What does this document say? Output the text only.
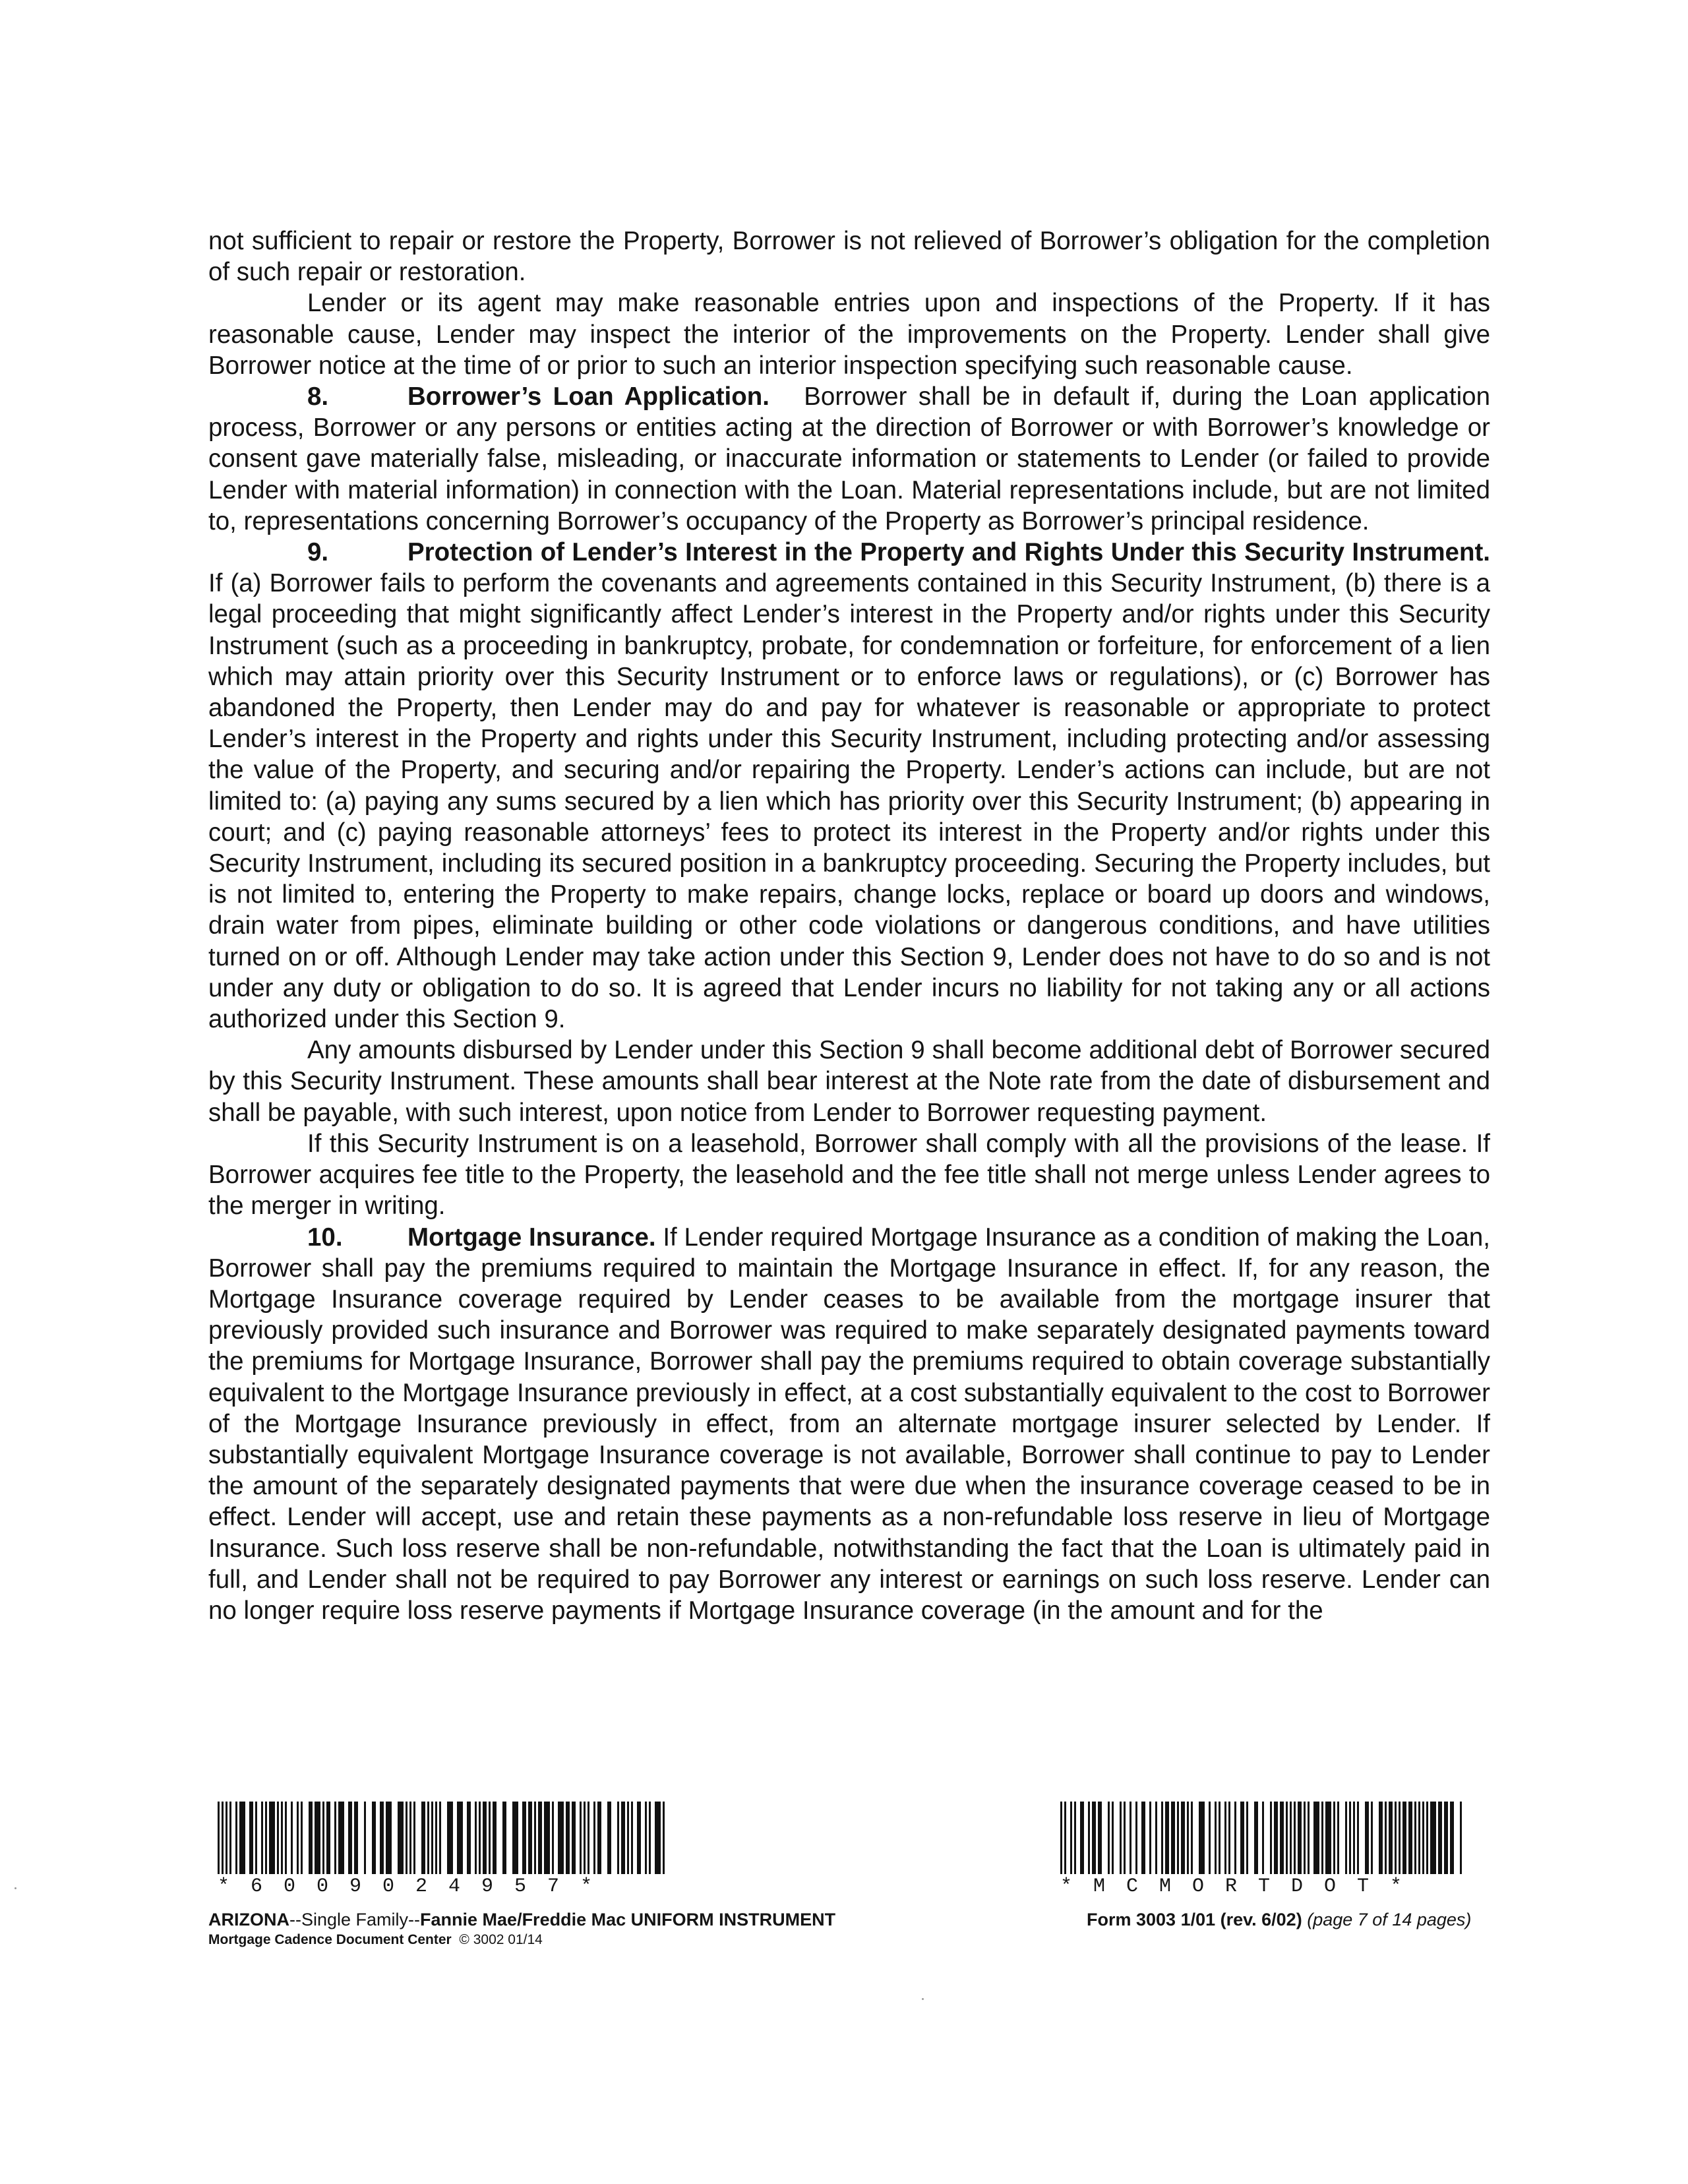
not sufficient to repair or restore the Property, Borrower is not relieved of Borrower’s obligation for the completion of such repair or restoration.

Lender or its agent may make reasonable entries upon and inspections of the Property. If it has reasonable cause, Lender may inspect the interior of the improvements on the Property. Lender shall give Borrower notice at the time of or prior to such an interior inspection specifying such reasonable cause.

8.	Borrower’s Loan Application. Borrower shall be in default if, during the Loan application process, Borrower or any persons or entities acting at the direction of Borrower or with Borrower’s knowledge or consent gave materially false, misleading, or inaccurate information or statements to Lender (or failed to provide Lender with material information) in connection with the Loan. Material representations include, but are not limited to, representations concerning Borrower’s occupancy of the Property as Borrower’s principal residence.

9.	Protection of Lender’s Interest in the Property and Rights Under this Security Instrument. If (a) Borrower fails to perform the covenants and agreements contained in this Security Instrument, (b) there is a legal proceeding that might significantly affect Lender’s interest in the Property and/or rights under this Security Instrument (such as a proceeding in bankruptcy, probate, for condemnation or forfeiture, for enforcement of a lien which may attain priority over this Security Instrument or to enforce laws or regulations), or (c) Borrower has abandoned the Property, then Lender may do and pay for whatever is reasonable or appropriate to protect Lender’s interest in the Property and rights under this Security Instrument, including protecting and/or assessing the value of the Property, and securing and/or repairing the Property. Lender’s actions can include, but are not limited to: (a) paying any sums secured by a lien which has priority over this Security Instrument; (b) appearing in court; and (c) paying reasonable attorneys’ fees to protect its interest in the Property and/or rights under this Security Instrument, including its secured position in a bankruptcy proceeding. Securing the Property includes, but is not limited to, entering the Property to make repairs, change locks, replace or board up doors and windows, drain water from pipes, eliminate building or other code violations or dangerous conditions, and have utilities turned on or off. Although Lender may take action under this Section 9, Lender does not have to do so and is not under any duty or obligation to do so. It is agreed that Lender incurs no liability for not taking any or all actions authorized under this Section 9.

Any amounts disbursed by Lender under this Section 9 shall become additional debt of Borrower secured by this Security Instrument. These amounts shall bear interest at the Note rate from the date of disbursement and shall be payable, with such interest, upon notice from Lender to Borrower requesting payment.

If this Security Instrument is on a leasehold, Borrower shall comply with all the provisions of the lease. If Borrower acquires fee title to the Property, the leasehold and the fee title shall not merge unless Lender agrees to the merger in writing.

10.	Mortgage Insurance. If Lender required Mortgage Insurance as a condition of making the Loan, Borrower shall pay the premiums required to maintain the Mortgage Insurance in effect. If, for any reason, the Mortgage Insurance coverage required by Lender ceases to be available from the mortgage insurer that previously provided such insurance and Borrower was required to make separately designated payments toward the premiums for Mortgage Insurance, Borrower shall pay the premiums required to obtain coverage substantially equivalent to the Mortgage Insurance previously in effect, at a cost substantially equivalent to the cost to Borrower of the Mortgage Insurance previously in effect, from an alternate mortgage insurer selected by Lender. If substantially equivalent Mortgage Insurance coverage is not available, Borrower shall continue to pay to Lender the amount of the separately designated payments that were due when the insurance coverage ceased to be in effect. Lender will accept, use and retain these payments as a non-refundable loss reserve in lieu of Mortgage Insurance. Such loss reserve shall be non-refundable, notwithstanding the fact that the Loan is ultimately paid in full, and Lender shall not be required to pay Borrower any interest or earnings on such loss reserve. Lender can no longer require loss reserve payments if Mortgage Insurance coverage (in the amount and for the

* 6 0 0 9 0 2 4 9 5 7 *	* M C M O R T D O T *
ARIZONA--Single Family--Fannie Mae/Freddie Mac UNIFORM INSTRUMENT
Mortgage Cadence Document Center © 3002 01/14
Form 3003 1/01 (rev. 6/02) (page 7 of 14 pages)
